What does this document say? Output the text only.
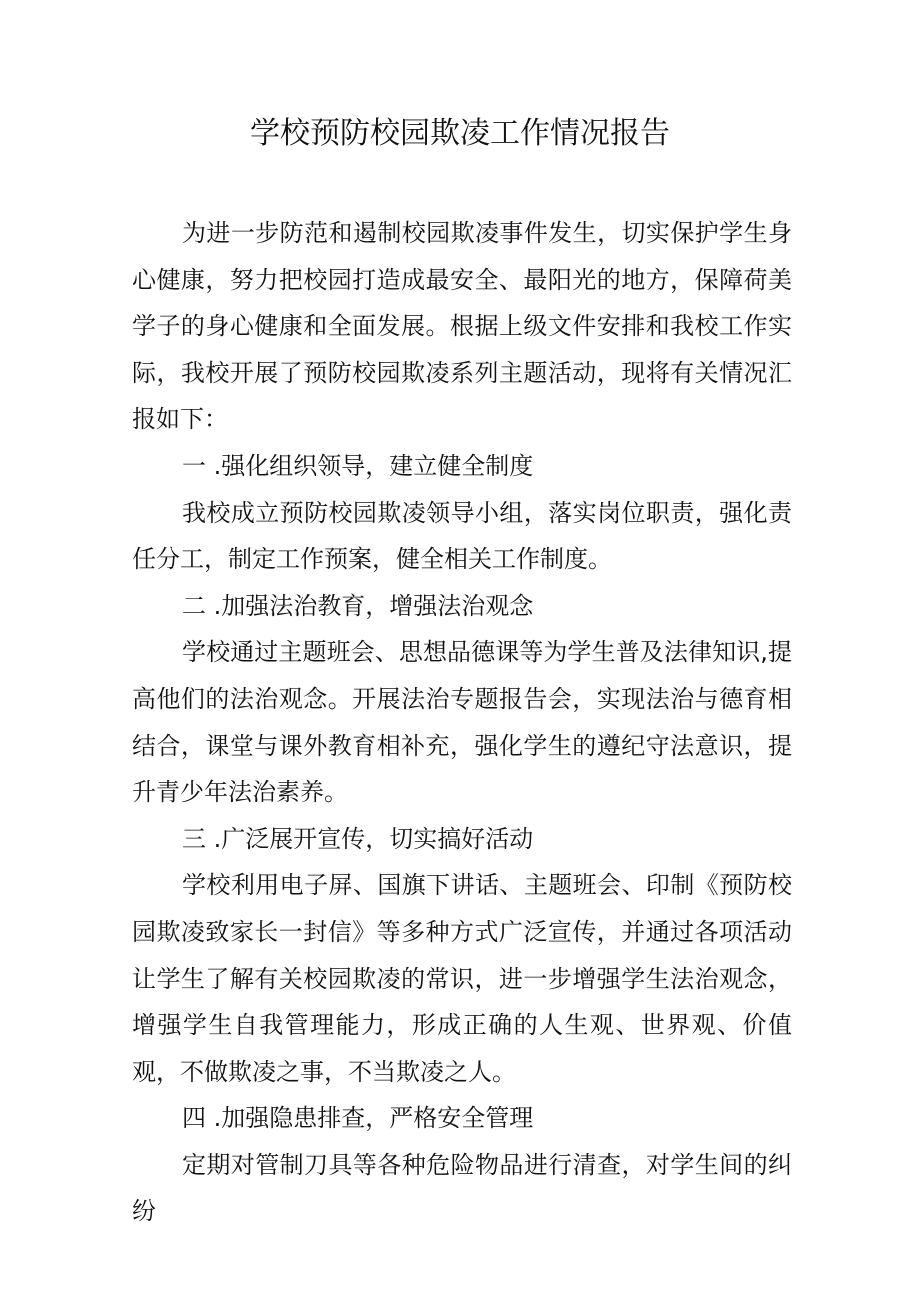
学校预防校园欺凌工作情况报告

为进一步防范和遏制校园欺凌事件发生，切实保护学生身心健康，努力把校园打造成最安全、最阳光的地方，保障荷美学子的身心健康和全面发展。根据上级文件安排和我校工作实际，我校开展了预防校园欺凌系列主题活动，现将有关情况汇报如下：

一 .强化组织领导，建立健全制度

我校成立预防校园欺凌领导小组，落实岗位职责，强化责任分工，制定工作预案，健全相关工作制度。

二 .加强法治教育，增强法治观念

学校通过主题班会、思想品德课等为学生普及法律知识,提高他们的法治观念。开展法治专题报告会，实现法治与德育相结合，课堂与课外教育相补充，强化学生的遵纪守法意识，提升青少年法治素养。

三 .广泛展开宣传，切实搞好活动

学校利用电子屏、国旗下讲话、主题班会、印制《预防校园欺凌致家长一封信》等多种方式广泛宣传，并通过各项活动让学生了解有关校园欺凌的常识，进一步增强学生法治观念，增强学生自我管理能力，形成正确的人生观、世界观、价值观，不做欺凌之事，不当欺凌之人。

四 .加强隐患排查，严格安全管理

定期对管制刀具等各种危险物品进行清查，对学生间的纠纷
